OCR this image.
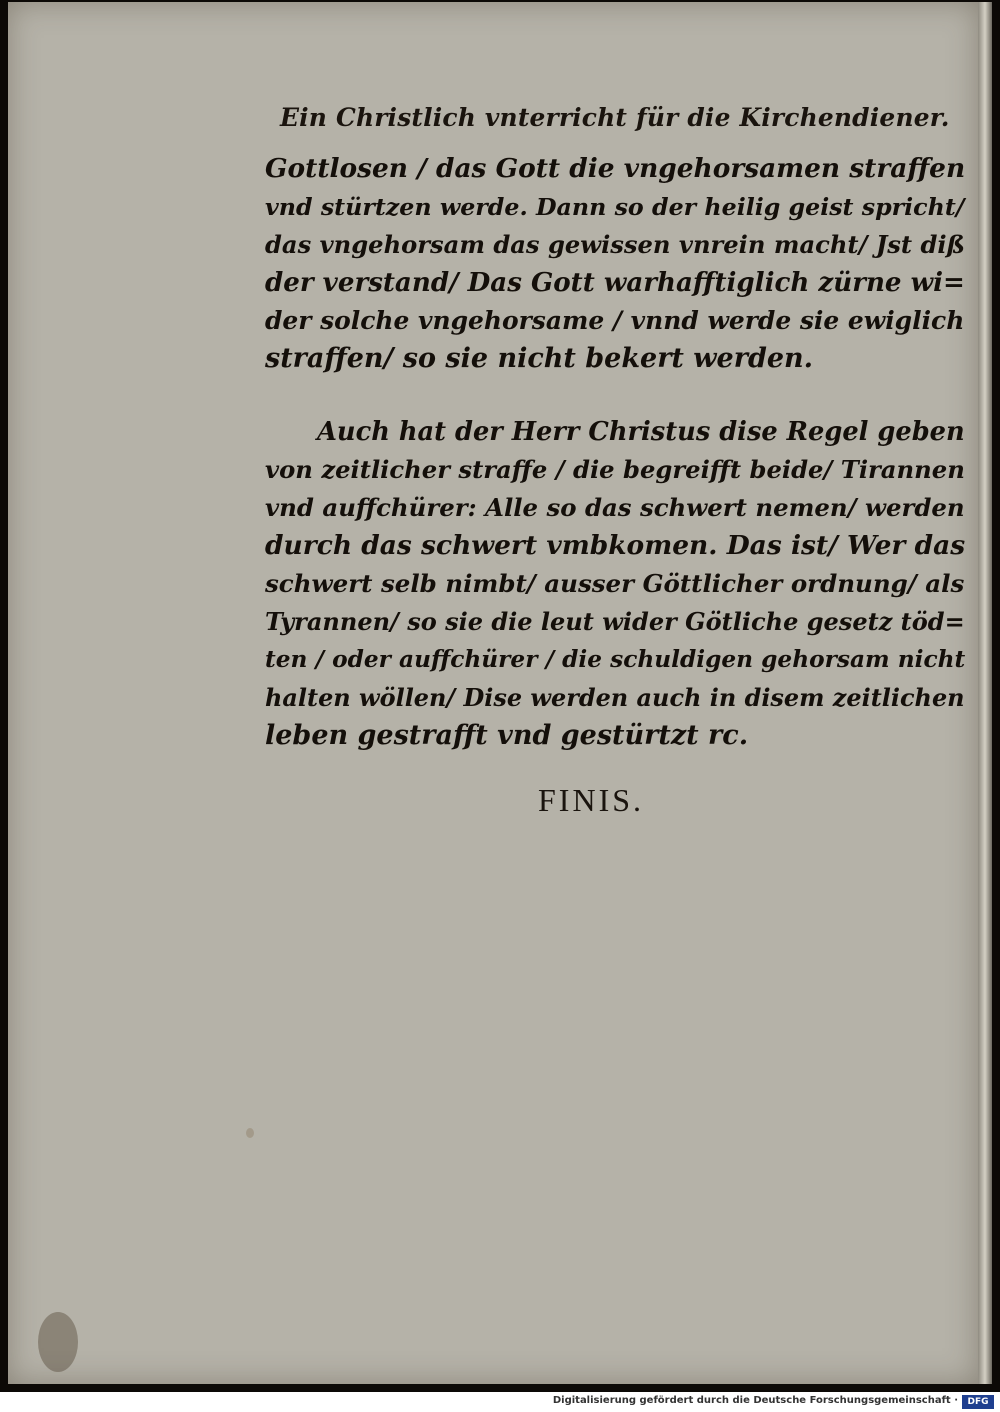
Ein Christlich vnterricht für die Kirchendiener.
Gottlosen / das Gott die vngehorsamen straffen
vnd stürtzen werde. Dann so der heilig geist spricht/
das vngehorsam das gewissen vnrein macht/ Jst diß
der verstand/ Das Gott warhafftiglich zürne wi=
der solche vngehorsame / vnnd werde sie ewiglich
straffen/ so sie nicht bekert werden.
Auch hat der Herr Christus dise Regel geben
von zeitlicher straffe / die begreifft beide/ Tirannen
vnd auffchürer: Alle so das schwert nemen/ werden
durch das schwert vmbkomen. Das ist/ Wer das
schwert selb nimbt/ ausser Göttlicher ordnung/ als
Tyrannen/ so sie die leut wider Götliche gesetz töd=
ten / oder auffchürer / die schuldigen gehorsam nicht
halten wöllen/ Dise werden auch in disem zeitlichen
leben gestrafft vnd gestürtzt rc.
FINIS.
Digitalisierung gefördert durch die Deutsche Forschungsgemeinschaft ·	DFG
